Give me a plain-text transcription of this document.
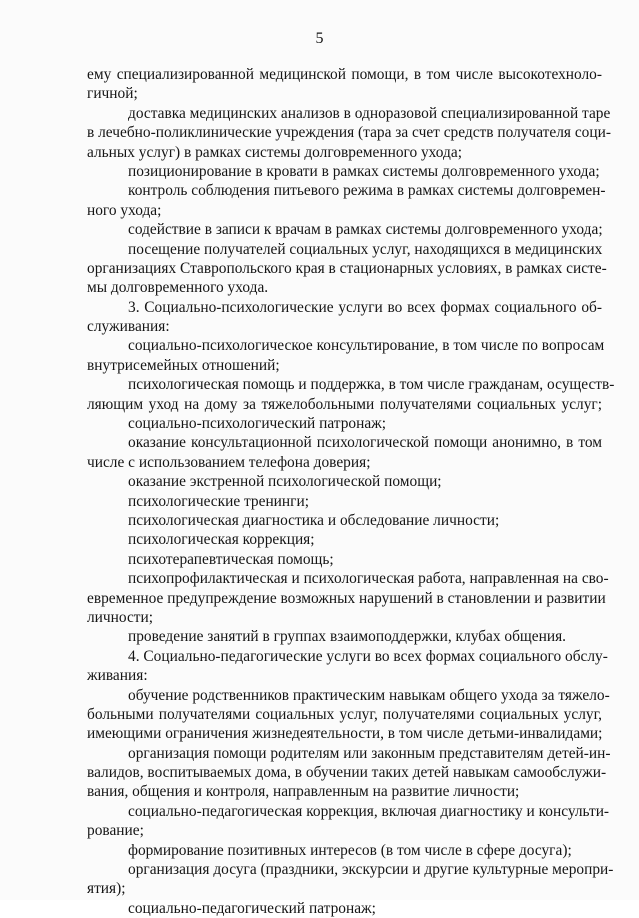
5
ему специализированной медицинской помощи, в том числе высокотехноло-
гичной;
доставка медицинских анализов в одноразовой специализированной таре
в лечебно-поликлинические учреждения (тара за счет средств получателя соци-
альных услуг) в рамках системы долговременного ухода;
позиционирование в кровати в рамках системы долговременного ухода;
контроль соблюдения питьевого режима в рамках системы долговремен-
ного ухода;
содействие в записи к врачам в рамках системы долговременного ухода;
посещение получателей социальных услуг, находящихся в медицинских
организациях Ставропольского края в стационарных условиях, в рамках систе-
мы долговременного ухода.
3. Социально-психологические услуги во всех формах социального об-
служивания:
социально-психологическое консультирование, в том числе по вопросам
внутрисемейных отношений;
психологическая помощь и поддержка, в том числе гражданам, осуществ-
ляющим уход на дому за тяжелобольными получателями социальных услуг;
социально-психологический патронаж;
оказание консультационной психологической помощи анонимно, в том
числе с использованием телефона доверия;
оказание экстренной психологической помощи;
психологические тренинги;
психологическая диагностика и обследование личности;
психологическая коррекция;
психотерапевтическая помощь;
психопрофилактическая и психологическая работа, направленная на сво-
евременное предупреждение возможных нарушений в становлении и развитии
личности;
проведение занятий в группах взаимоподдержки, клубах общения.
4. Социально-педагогические услуги во всех формах социального обслу-
живания:
обучение родственников практическим навыкам общего ухода за тяжело-
больными получателями социальных услуг, получателями социальных услуг,
имеющими ограничения жизнедеятельности, в том числе детьми-инвалидами;
организация помощи родителям или законным представителям детей-ин-
валидов, воспитываемых дома, в обучении таких детей навыкам самообслужи-
вания, общения и контроля, направленным на развитие личности;
социально-педагогическая коррекция, включая диагностику и консульти-
рование;
формирование позитивных интересов (в том числе в сфере досуга);
организация досуга (праздники, экскурсии и другие культурные меропри-
ятия);
социально-педагогический патронаж;
